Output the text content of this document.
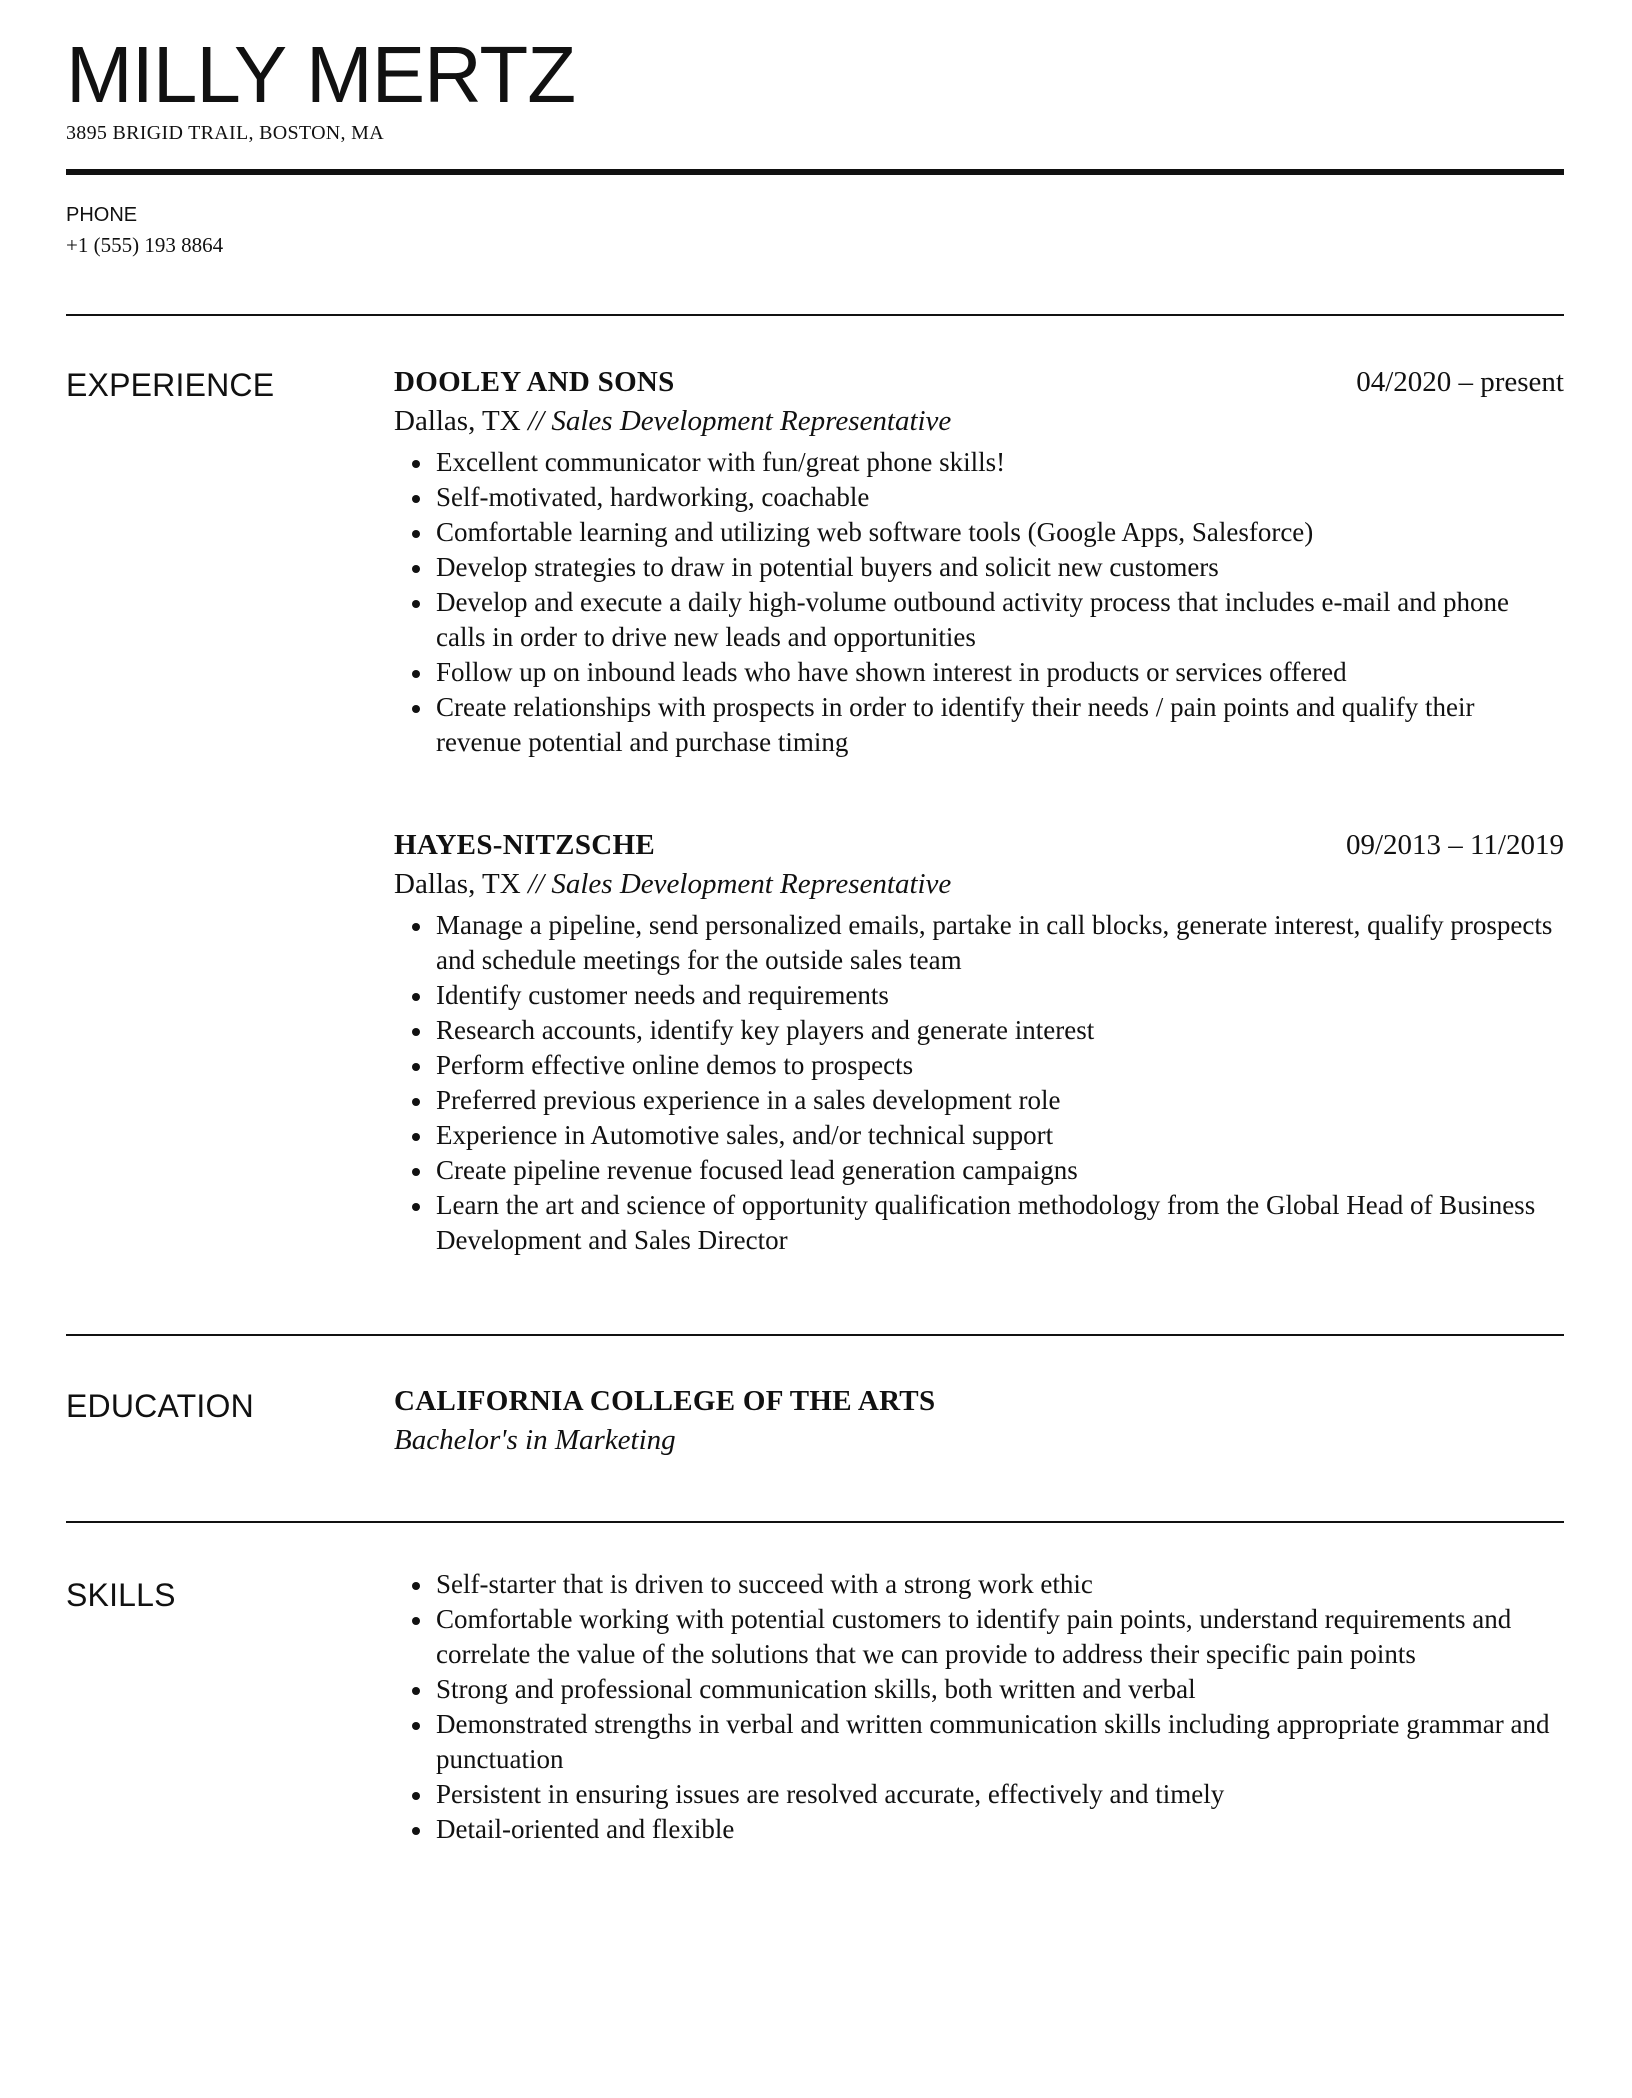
MILLY MERTZ
3895 BRIGID TRAIL, BOSTON, MA
PHONE
+1 (555) 193 8864
EXPERIENCE	DOOLEY AND SONS	04/2020 – present
Dallas, TX // Sales Development Representative
Excellent communicator with fun/great phone skills!
Self-motivated, hardworking, coachable
Comfortable learning and utilizing web software tools (Google Apps, Salesforce)
Develop strategies to draw in potential buyers and solicit new customers
Develop and execute a daily high-volume outbound activity process that includes e-mail and phone calls in order to drive new leads and opportunities
Follow up on inbound leads who have shown interest in products or services offered
Create relationships with prospects in order to identify their needs / pain points and qualify their revenue potential and purchase timing
HAYES-NITZSCHE	09/2013 – 11/2019
Dallas, TX // Sales Development Representative
Manage a pipeline, send personalized emails, partake in call blocks, generate interest, qualify prospects and schedule meetings for the outside sales team
Identify customer needs and requirements
Research accounts, identify key players and generate interest
Perform effective online demos to prospects
Preferred previous experience in a sales development role
Experience in Automotive sales, and/or technical support
Create pipeline revenue focused lead generation campaigns
Learn the art and science of opportunity qualification methodology from the Global Head of Business Development and Sales Director
EDUCATION	CALIFORNIA COLLEGE OF THE ARTS
Bachelor's in Marketing
SKILLS	Self-starter that is driven to succeed with a strong work ethic
Comfortable working with potential customers to identify pain points, understand requirements and correlate the value of the solutions that we can provide to address their specific pain points
Strong and professional communication skills, both written and verbal
Demonstrated strengths in verbal and written communication skills including appropriate grammar and punctuation
Persistent in ensuring issues are resolved accurate, effectively and timely
Detail-oriented and flexible
